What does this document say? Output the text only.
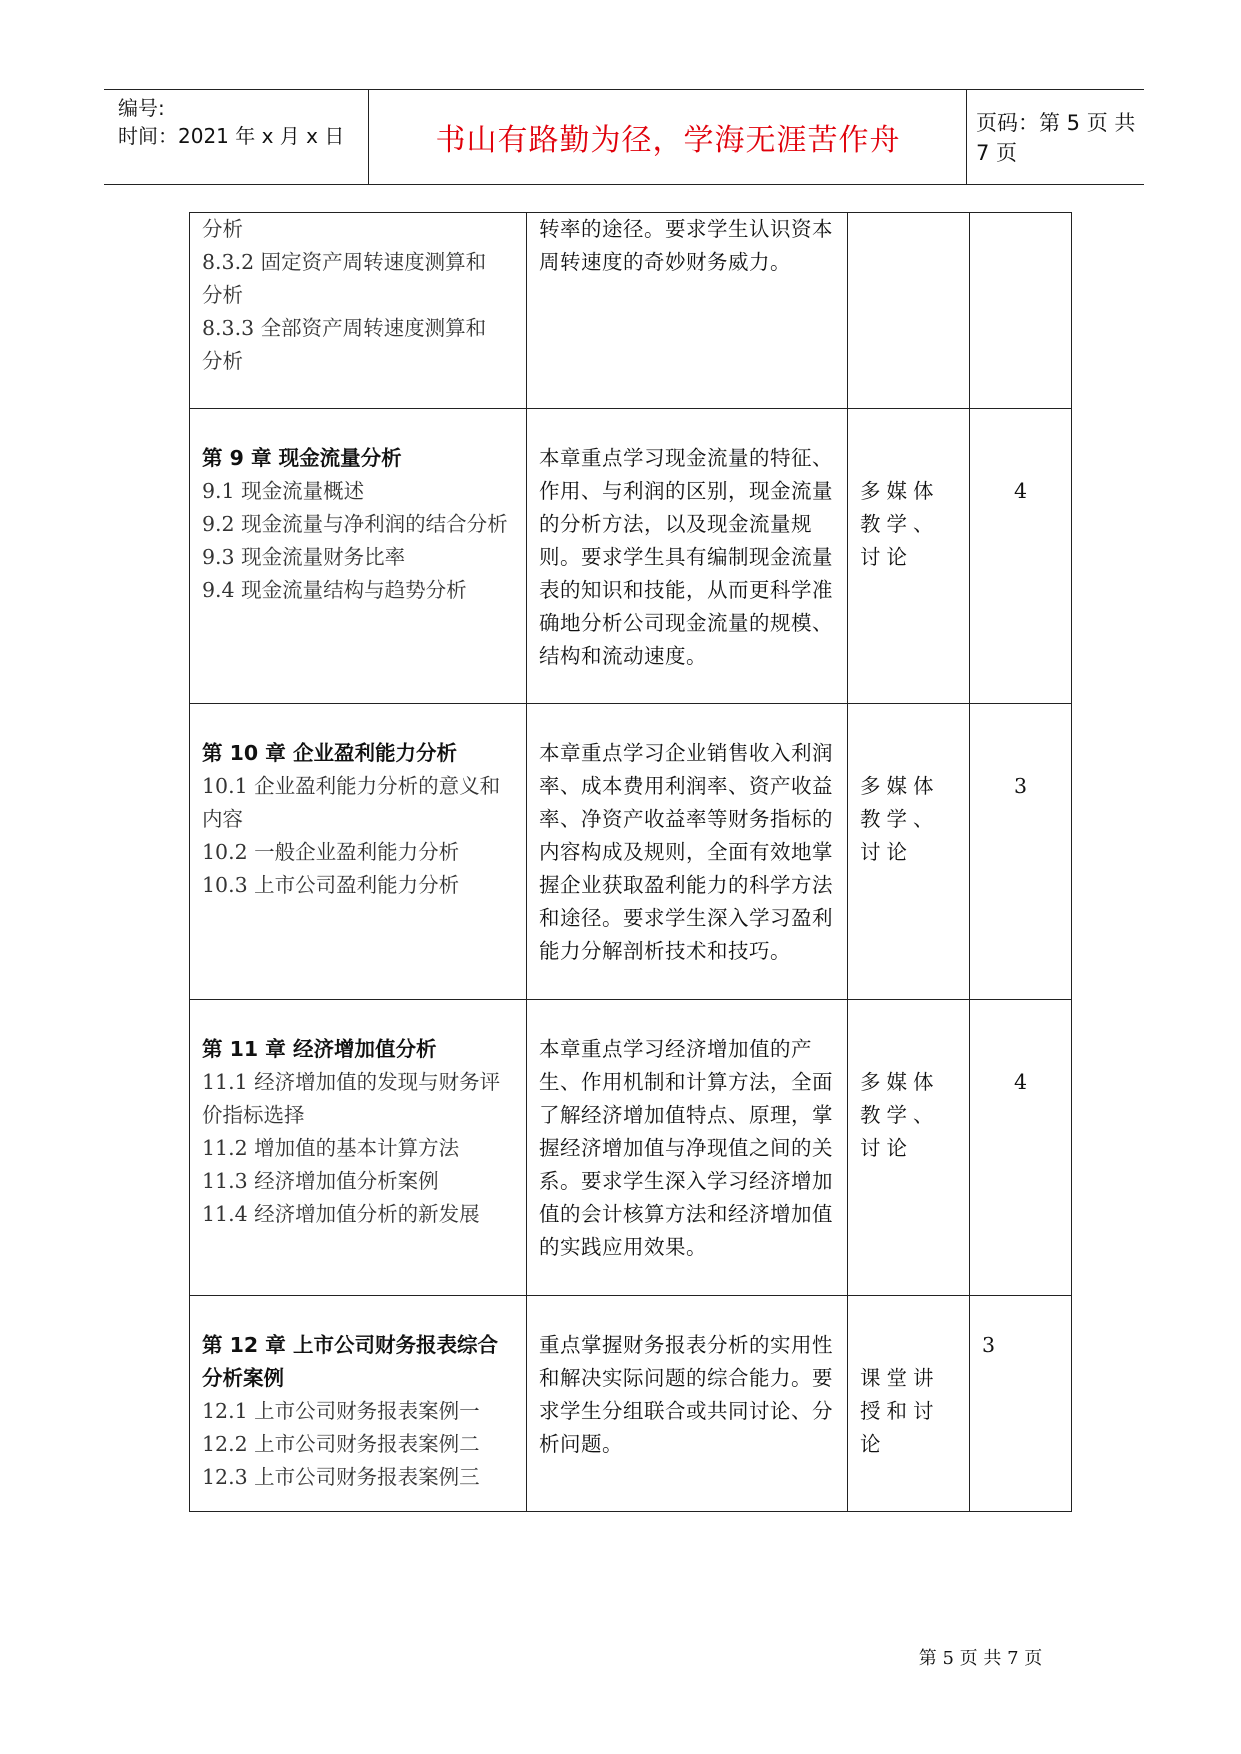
编号:
时间：2021 年 x 月 x 日	书山有路勤为径，学海无涯苦作舟	页码：第 5 页 共 7 页
分析
8.3.2 固定资产周转速度测算和
分析
8.3.3 全部资产周转速度测算和
分析	转率的途径。要求学生认识资本周转速度的奇妙财务威力。		

第 9 章 现金流量分析
9.1 现金流量概述
9.2 现金流量与净利润的结合分析
9.3 现金流量财务比率
9.4 现金流量结构与趋势分析	本章重点学习现金流量的特征、作用、与利润的区别，现金流量的分析方法，以及现金流量规则。要求学生具有编制现金流量表的知识和技能，从而更科学准确地分析公司现金流量的规模、结构和流动速度。	多媒体教学、讨论	4

第 10 章 企业盈利能力分析
10.1 企业盈利能力分析的意义和内容
10.2 一般企业盈利能力分析
10.3 上市公司盈利能力分析	本章重点学习企业销售收入利润率、成本费用利润率、资产收益率、净资产收益率等财务指标的内容构成及规则，全面有效地掌握企业获取盈利能力的科学方法和途径。要求学生深入学习盈利能力分解剖析技术和技巧。	多媒体教学、讨论	3

第 11 章 经济增加值分析
11.1 经济增加值的发现与财务评价指标选择
11.2 增加值的基本计算方法
11.3 经济增加值分析案例
11.4 经济增加值分析的新发展	本章重点学习经济增加值的产生、作用机制和计算方法，全面了解经济增加值特点、原理，掌握经济增加值与净现值之间的关系。要求学生深入学习经济增加值的会计核算方法和经济增加值的实践应用效果。	多媒体教学、讨论	4

第 12 章 上市公司财务报表综合分析案例
12.1 上市公司财务报表案例一
12.2 上市公司财务报表案例二
12.3 上市公司财务报表案例三	重点掌握财务报表分析的实用性和解决实际问题的综合能力。要求学生分组联合或共同讨论、分析问题。	课堂讲授和讨论	3
第 5 页 共 7 页
